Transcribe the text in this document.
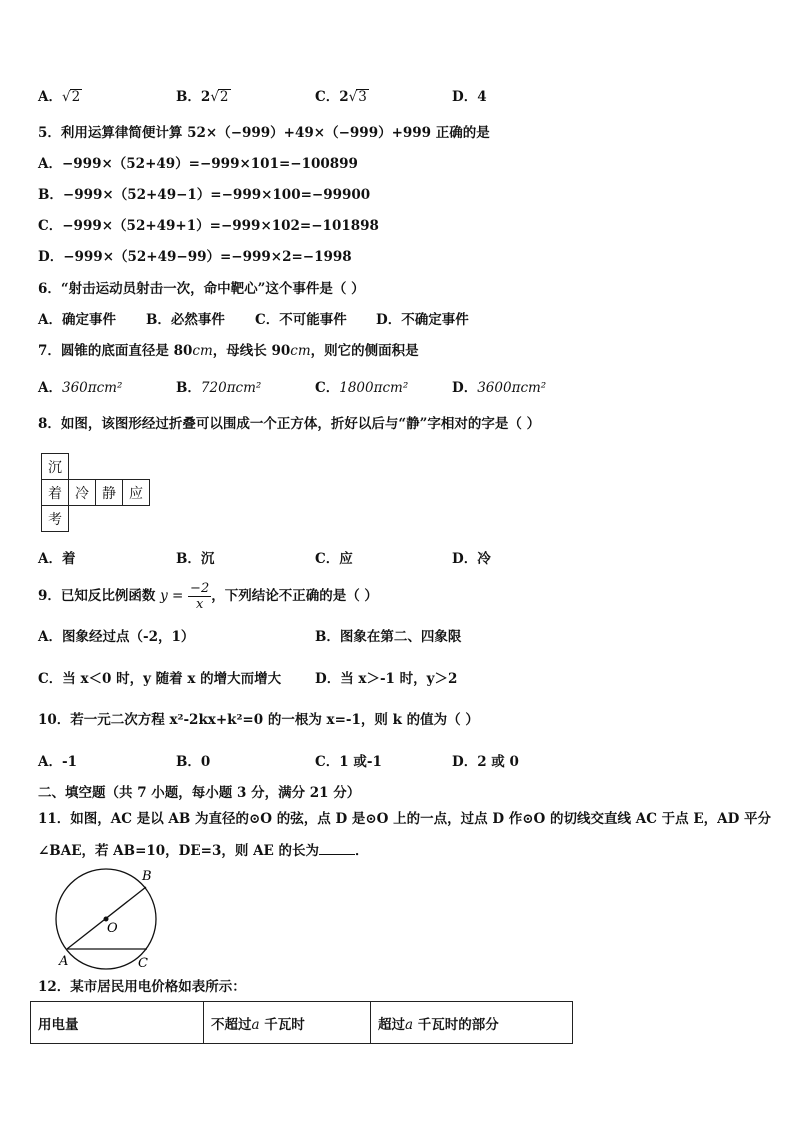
A．√2	B．2√2	C．2√3	D．4
5．利用运算律简便计算 52×（−999）+49×（−999）+999 正确的是
A．−999×（52+49）=−999×101=−100899
B．−999×（52+49−1）=−999×100=−99900
C．−999×（52+49+1）=−999×102=−101898
D．−999×（52+49−99）=−999×2=−1998
6．“射击运动员射击一次，命中靶心”这个事件是（ ）
A．确定事件 B．必然事件 C．不可能事件 D．不确定事件
7．圆锥的底面直径是 80cm，母线长 90cm，则它的侧面积是
A．360πcm²	B．720πcm²	C．1800πcm²	D．3600πcm²
8．如图，该图形经过折叠可以围成一个正方体，折好以后与“静”字相对的字是（ ）
沉			
着	冷	静	应
考			
A．着	B．沉	C．应	D．冷
9．已知反比例函数 $y = \frac{-2}{x}$ ，下列结论不正确的是（ ）
A．图象经过点（-2，1）	B．图象在第二、四象限
C．当 x＜0 时，y 随着 x 的增大而增大	D．当 x＞-1 时，y＞2
10．若一元二次方程 x²-2kx+k²=0 的一根为 x=-1，则 k 的值为（ ）
A．-1	B．0	C．1 或-1	D．2 或 0
二、填空题（共 7 小题，每小题 3 分，满分 21 分）
11．如图，AC 是以 AB 为直径的⊙O 的弦，点 D 是⊙O 上的一点，过点 D 作⊙O 的切线交直线 AC 于点 E，AD 平分
∠BAE，若 AB=10，DE=3，则 AE 的长为	．
B
O
A	C
12．某市居民用电价格如表所示：
用电量	不超过a 千瓦时	超过a 千瓦时的部分
